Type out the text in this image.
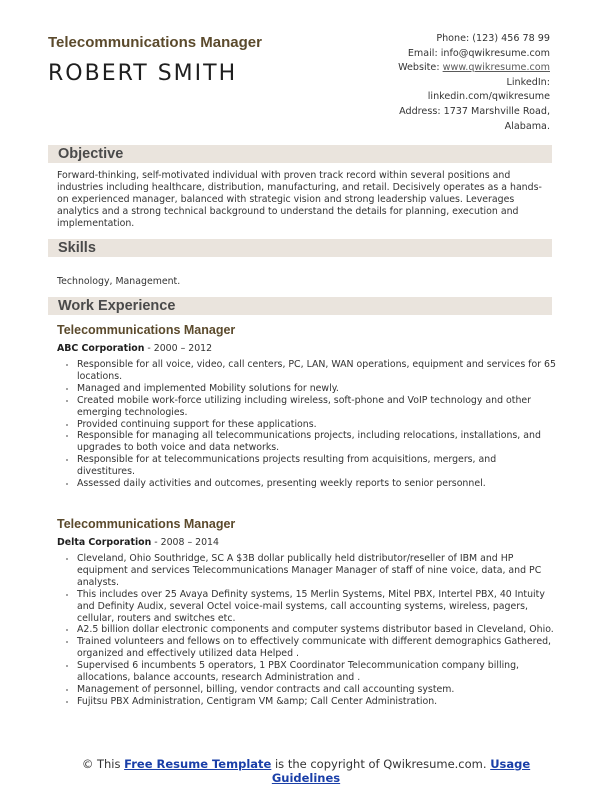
Telecommunications Manager
ROBERT SMITH
Phone: (123) 456 78 99
Email: info@qwikresume.com
Website: www.qwikresume.com
LinkedIn:
linkedin.com/qwikresume
Address: 1737 Marshville Road,
Alabama.
Objective
Forward-thinking, self-motivated individual with proven track record within several positions and industries including healthcare, distribution, manufacturing, and retail. Decisively operates as a hands-on experienced manager, balanced with strategic vision and strong leadership values. Leverages analytics and a strong technical background to understand the details for planning, execution and implementation.
Skills
Technology, Management.
Work Experience
Telecommunications Manager
ABC Corporation - 2000 – 2012
• Responsible for all voice, video, call centers, PC, LAN, WAN operations, equipment and services for 65 locations.
• Managed and implemented Mobility solutions for newly.
• Created mobile work-force utilizing including wireless, soft-phone and VoIP technology and other emerging technologies.
• Provided continuing support for these applications.
• Responsible for managing all telecommunications projects, including relocations, installations, and upgrades to both voice and data networks.
• Responsible for at telecommunications projects resulting from acquisitions, mergers, and divestitures.
• Assessed daily activities and outcomes, presenting weekly reports to senior personnel.
Telecommunications Manager
Delta Corporation - 2008 – 2014
• Cleveland, Ohio Southridge, SC A $3B dollar publically held distributor/reseller of IBM and HP equipment and services Telecommunications Manager Manager of staff of nine voice, data, and PC analysts.
• This includes over 25 Avaya Definity systems, 15 Merlin Systems, Mitel PBX, Intertel PBX, 40 Intuity and Definity Audix, several Octel voice-mail systems, call accounting systems, wireless, pagers, cellular, routers and switches etc.
• A2.5 billion dollar electronic components and computer systems distributor based in Cleveland, Ohio.
• Trained volunteers and fellows on to effectively communicate with different demographics Gathered, organized and effectively utilized data Helped .
• Supervised 6 incumbents 5 operators, 1 PBX Coordinator Telecommunication company billing, allocations, balance accounts, research Administration and .
• Management of personnel, billing, vendor contracts and call accounting system.
• Fujitsu PBX Administration, Centigram VM &amp; Call Center Administration.
© This Free Resume Template is the copyright of Qwikresume.com. Usage Guidelines
